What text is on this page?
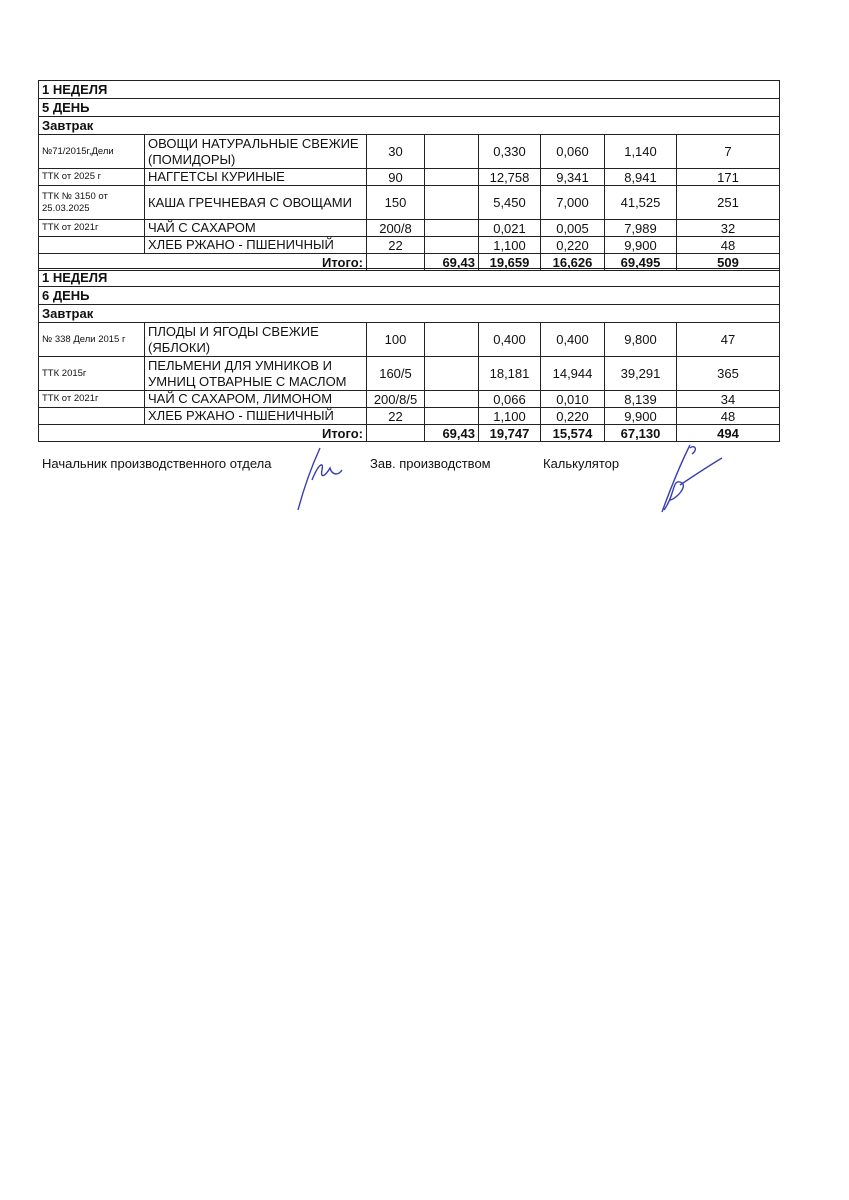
1 НЕДЕЛЯ							
5 ДЕНЬ							
Завтрак							
№71/2015г,Дели	ОВОЩИ НАТУРАЛЬНЫЕ СВЕЖИЕ (ПОМИДОРЫ)	30		0,330	0,060	1,140	7
ТТК от 2025 г	НАГГЕТСЫ КУРИНЫЕ	90		12,758	9,341	8,941	171
ТТК № 3150 от 25.03.2025	КАША ГРЕЧНЕВАЯ С ОВОЩАМИ	150		5,450	7,000	41,525	251
ТТК от 2021г	ЧАЙ С САХАРОМ	200/8		0,021	0,005	7,989	32
	ХЛЕБ РЖАНО - ПШЕНИЧНЫЙ	22		1,100	0,220	9,900	48
Итого:			69,43	19,659	16,626	69,495	509
1 НЕДЕЛЯ							
6 ДЕНЬ							
Завтрак							
№ 338 Дели 2015 г	ПЛОДЫ И ЯГОДЫ СВЕЖИЕ (ЯБЛОКИ)	100		0,400	0,400	9,800	47
ТТК 2015г	ПЕЛЬМЕНИ ДЛЯ УМНИКОВ И УМНИЦ ОТВАРНЫЕ С МАСЛОМ	160/5		18,181	14,944	39,291	365
ТТК от 2021г	ЧАЙ С САХАРОМ, ЛИМОНОМ	200/8/5		0,066	0,010	8,139	34
	ХЛЕБ РЖАНО - ПШЕНИЧНЫЙ	22		1,100	0,220	9,900	48
Итого:			69,43	19,747	15,574	67,130	494
Начальник производственного отдела	Зав. производством	Калькулятор
